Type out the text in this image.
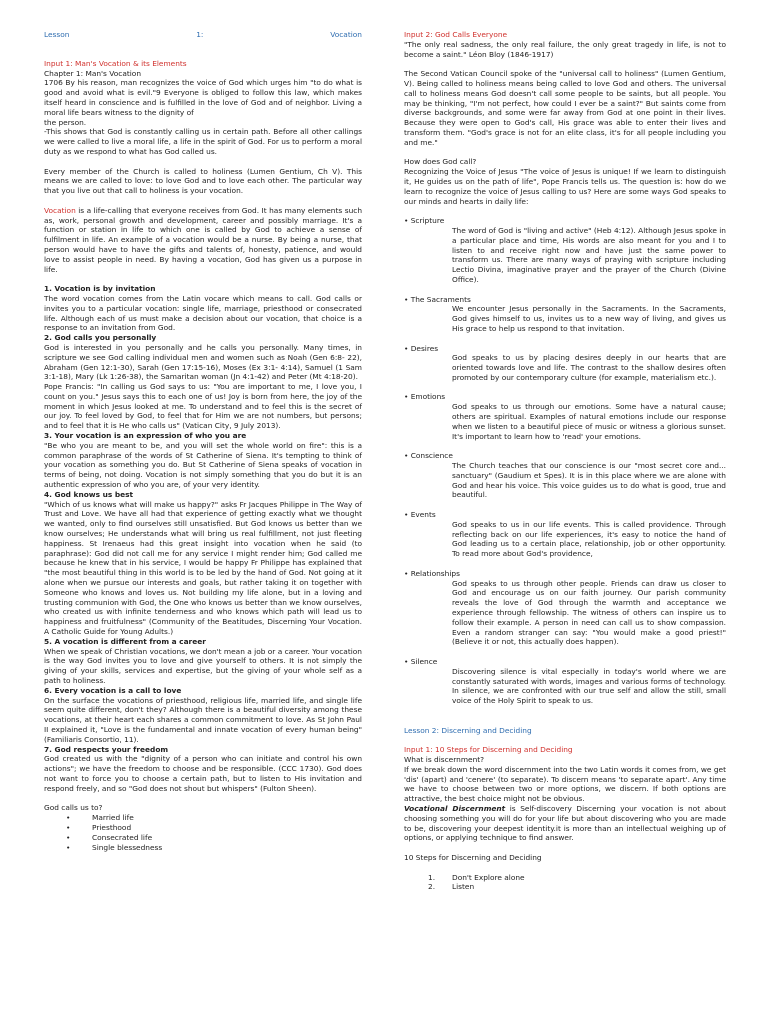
Lesson	1:	Vocation

Input 1: Man's Vocation & its Elements

Chapter 1: Man's Vocation

1706 By his reason, man recognizes the voice of God which urges him "to do what is good and avoid what is evil."9 Everyone is obliged to follow this law, which makes itself heard in conscience and is fulfilled in the love of God and of neighbor. Living a moral life bears witness to the dignity of

the person.

-This shows that God is constantly calling us in certain path. Before all other callings we were called to live a moral life, a life in the spirit of God. For us to perform a moral duty as we respond to what has God called us.

Every member of the Church is called to holiness (Lumen Gentium, Ch V). This means we are called to love: to love God and to love each other. The particular way that you live out that call to holiness is your vocation.

Vocation is a life-calling that everyone receives from God. It has many elements such as, work, personal growth and development, career and possibly marriage. It's a function or station in life to which one is called by God to achieve a sense of fulfilment in life. An example of a vocation would be a nurse. By being a nurse, that person would have to have the gifts and talents of, honesty, patience, and would love to assist people in need. By having a vocation, God has given us a purpose in life.

1. Vocation is by invitation

The word vocation comes from the Latin vocare which means to call. God calls or invites you to a particular vocation: single life, marriage, priesthood or consecrated life. Although each of us must make a decision about our vocation, that choice is a response to an invitation from God.

2. God calls you personally

God is interested in you personally and he calls you personally. Many times, in scripture we see God calling individual men and women such as Noah (Gen 6:8- 22), Abraham (Gen 12:1-30), Sarah (Gen 17:15-16), Moses (Ex 3:1- 4:14), Samuel (1 Sam 3:1-18), Mary (Lk 1:26-38), the Samaritan woman (Jn 4:1-42) and Peter (Mt 4:18-20).

Pope Francis: "In calling us God says to us: "You are important to me, I love you, I count on you." Jesus says this to each one of us! Joy is born from here, the joy of the moment in which Jesus looked at me. To understand and to feel this is the secret of our joy. To feel loved by God, to feel that for Him we are not numbers, but persons; and to feel that it is He who calls us" (Vatican City, 9 July 2013).

3. Your vocation is an expression of who you are

"Be who you are meant to be, and you will set the whole world on fire": this is a common paraphrase of the words of St Catherine of Siena. It's tempting to think of your vocation as something you do. But St Catherine of Siena speaks of vocation in terms of being, not doing. Vocation is not simply something that you do but it is an authentic expression of who you are, of your very identity.

4. God knows us best

"Which of us knows what will make us happy?" asks Fr Jacques Philippe in The Way of Trust and Love. We have all had that experience of getting exactly what we thought we wanted, only to find ourselves still unsatisfied. But God knows us better than we know ourselves; He understands what will bring us real fulfillment, not just fleeting happiness. St Irenaeus had this great insight into vocation when he said (to paraphrase): God did not call me for any service I might render him; God called me because he knew that in his service, I would be happy Fr Philippe has explained that "the most beautiful thing in this world is to be led by the hand of God. Not going at it alone when we pursue our interests and goals, but rather taking it on together with Someone who knows and loves us. Not building my life alone, but in a loving and trusting communion with God, the One who knows us better than we know ourselves, who created us with infinite tenderness and who knows which path will lead us to happiness and fruitfulness" (Community of the Beatitudes, Discerning Your Vocation. A Catholic Guide for Young Adults.)

5. A vocation is different from a career

When we speak of Christian vocations, we don't mean a job or a career. Your vocation is the way God invites you to love and give yourself to others. It is not simply the giving of your skills, services and expertise, but the giving of your whole self as a path to holiness.

6. Every vocation is a call to love

On the surface the vocations of priesthood, religious life, married life, and single life seem quite different, don't they? Although there is a beautiful diversity among these vocations, at their heart each shares a common commitment to love. As St John Paul II explained it, "Love is the fundamental and innate vocation of every human being" (Familiaris Consortio, 11).

7. God respects your freedom

God created us with the "dignity of a person who can initiate and control his own actions"; we have the freedom to choose and be responsible. (CCC 1730). God does not want to force you to choose a certain path, but to listen to His invitation and respond freely, and so "God does not shout but whispers" (Fulton Sheen).

God calls us to?

• Married life
• Priesthood
• Consecrated life
• Single blessedness

Input 2: God Calls Everyone

"The only real sadness, the only real failure, the only great tragedy in life, is not to become a saint." Léon Bloy (1846-1917)

The Second Vatican Council spoke of the "universal call to holiness" (Lumen Gentium, V). Being called to holiness means being called to love God and others. The universal call to holiness means God doesn't call some people to be saints, but all people. You may be thinking, "I'm not perfect, how could I ever be a saint?" But saints come from diverse backgrounds, and some were far away from God at one point in their lives. Because they were open to God's call, His grace was able to enter their lives and transform them. "God's grace is not for an elite class, it's for all people including you and me."

How does God call?

Recognizing the Voice of Jesus "The voice of Jesus is unique! If we learn to distinguish it, He guides us on the path of life", Pope Francis tells us. The question is: how do we learn to recognize the voice of Jesus calling to us? Here are some ways God speaks to our minds and hearts in daily life:

• Scripture

The word of God is "living and active" (Heb 4:12). Although Jesus spoke in a particular place and time, His words are also meant for you and I to listen to and receive right now and have just the same power to transform us. There are many ways of praying with scripture including Lectio Divina, imaginative prayer and the prayer of the Church (Divine Office).

• The Sacraments

We encounter Jesus personally in the Sacraments. In the Sacraments, God gives himself to us, invites us to a new way of living, and gives us His grace to help us respond to that invitation.

• Desires

God speaks to us by placing desires deeply in our hearts that are oriented towards love and life. The contrast to the shallow desires often promoted by our contemporary culture (for example, materialism etc.).

• Emotions

God speaks to us through our emotions. Some have a natural cause; others are spiritual. Examples of natural emotions include our response when we listen to a beautiful piece of music or witness a glorious sunset. It's important to learn how to 'read' your emotions.

• Conscience

The Church teaches that our conscience is our "most secret core and... sanctuary" (Gaudium et Spes). It is in this place where we are alone with God and hear his voice. This voice guides us to do what is good, true and beautiful.

• Events

God speaks to us in our life events. This is called providence. Through reflecting back on our life experiences, it's easy to notice the hand of God leading us to a certain place, relationship, job or other opportunity. To read more about God's providence,

• Relationships

God speaks to us through other people. Friends can draw us closer to God and encourage us on our faith journey. Our parish community reveals the love of God through the warmth and acceptance we experience through fellowship. The witness of others can inspire us to follow their example. A person in need can call us to show compassion. Even a random stranger can say: "You would make a good priest!" (Believe it or not, this actually does happen).

• Silence

Discovering silence is vital especially in today's world where we are constantly saturated with words, images and various forms of technology. In silence, we are confronted with our true self and allow the still, small voice of the Holy Spirit to speak to us.

Lesson 2: Discerning and Deciding

Input 1: 10 Steps for Discerning and Deciding

What is discernment?

If we break down the word discernment into the two Latin words it comes from, we get 'dis' (apart) and 'cenere' (to separate). To discern means 'to separate apart'. Any time we have to choose between two or more options, we discern. If both options are attractive, the best choice might not be obvious.

Vocational Discernment is Self-discovery Discerning your vocation is not about choosing something you will do for your life but about discovering who you are made to be, discovering your deepest identity.it is more than an intellectual weighing up of options, or applying technique to find answer.

10 Steps for Discerning and Deciding

1. Don't Explore alone
2. Listen
